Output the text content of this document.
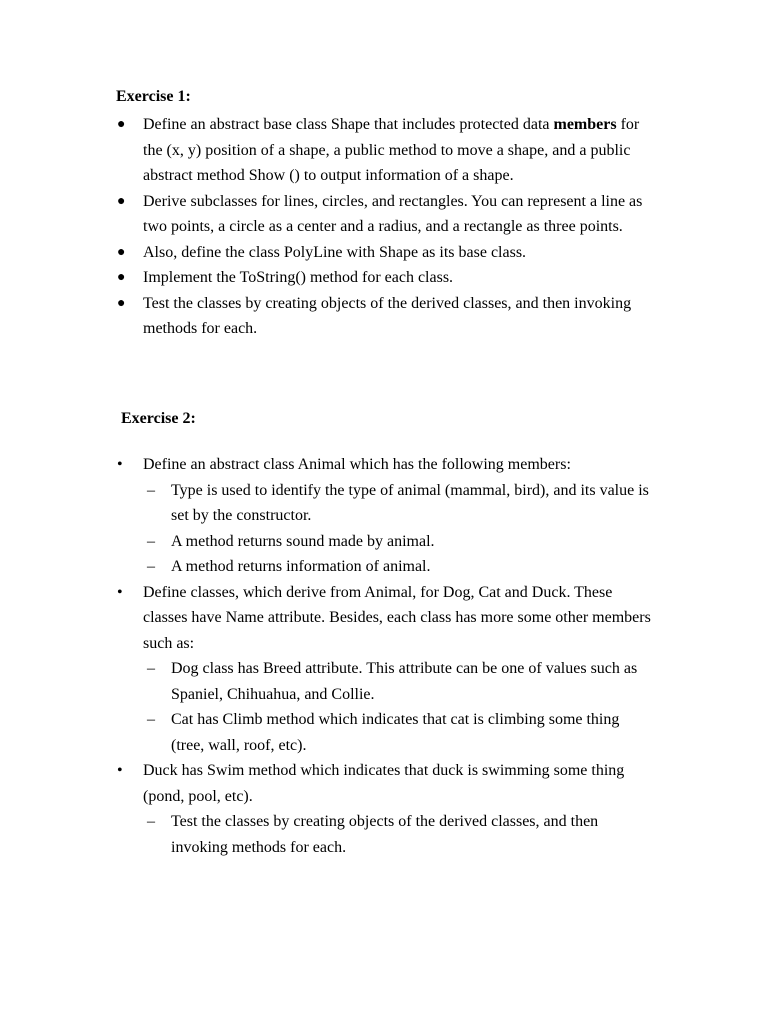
Exercise 1:
● Define an abstract base class Shape that includes protected data members for the (x, y) position of a shape, a public method to move a shape, and a public abstract method Show () to output information of a shape.
● Derive subclasses for lines, circles, and rectangles. You can represent a line as two points, a circle as a center and a radius, and a rectangle as three points.
● Also, define the class PolyLine with Shape as its base class.
● Implement the ToString() method for each class.
● Test the classes by creating objects of the derived classes, and then invoking methods for each.
Exercise 2:
• Define an abstract class Animal which has the following members:
– Type is used to identify the type of animal (mammal, bird), and its value is set by the constructor.
– A method returns sound made by animal.
– A method returns information of animal.
• Define classes, which derive from Animal, for Dog, Cat and Duck. These classes have Name attribute. Besides, each class has more some other members such as:
– Dog class has Breed attribute. This attribute can be one of values such as Spaniel, Chihuahua, and Collie.
– Cat has Climb method which indicates that cat is climbing some thing (tree, wall, roof, etc).
• Duck has Swim method which indicates that duck is swimming some thing (pond, pool, etc).
– Test the classes by creating objects of the derived classes, and then invoking methods for each.
